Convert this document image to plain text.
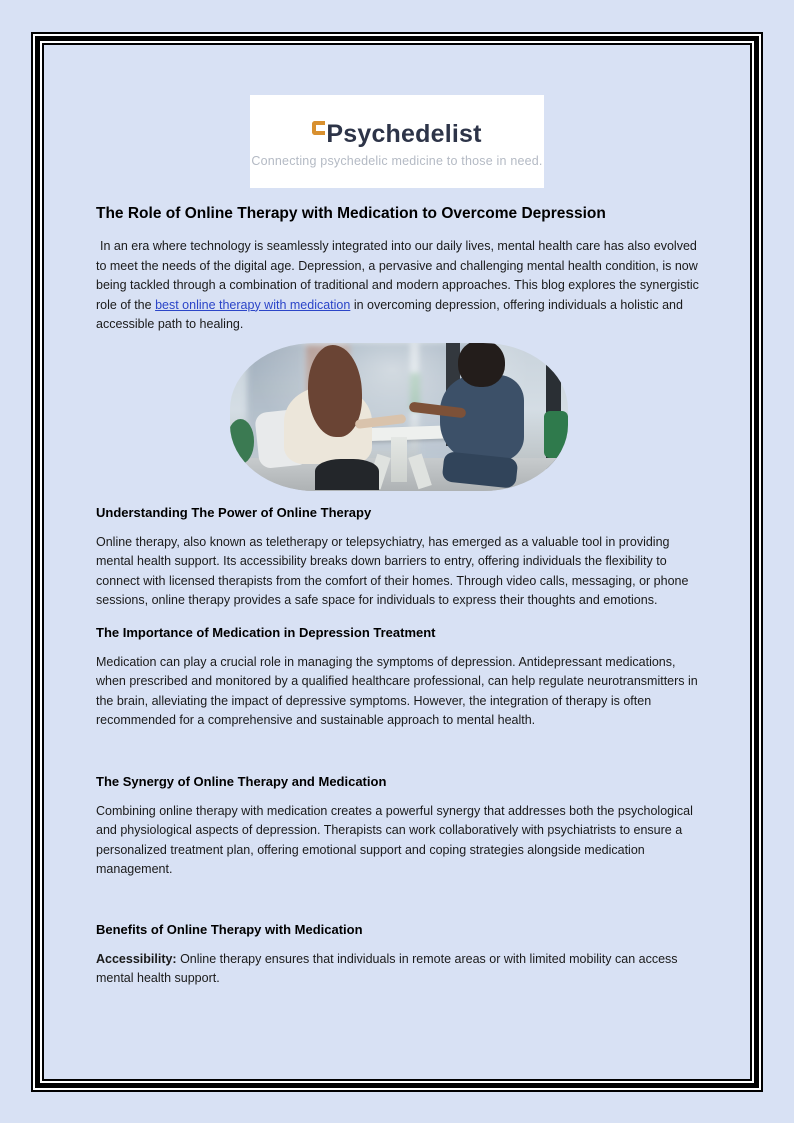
Psychedelist
Connecting psychedelic medicine to those in need.
The Role of Online Therapy with Medication to Overcome Depression

In an era where technology is seamlessly integrated into our daily lives, mental health care has also evolved to meet the needs of the digital age. Depression, a pervasive and challenging mental health condition, is now being tackled through a combination of traditional and modern approaches. This blog explores the synergistic role of the best online therapy with medication in overcoming depression, offering individuals a holistic and accessible path to healing.

Understanding The Power of Online Therapy

Online therapy, also known as teletherapy or telepsychiatry, has emerged as a valuable tool in providing mental health support. Its accessibility breaks down barriers to entry, offering individuals the flexibility to connect with licensed therapists from the comfort of their homes. Through video calls, messaging, or phone sessions, online therapy provides a safe space for individuals to express their thoughts and emotions.

The Importance of Medication in Depression Treatment

Medication can play a crucial role in managing the symptoms of depression. Antidepressant medications, when prescribed and monitored by a qualified healthcare professional, can help regulate neurotransmitters in the brain, alleviating the impact of depressive symptoms. However, the integration of therapy is often recommended for a comprehensive and sustainable approach to mental health.

The Synergy of Online Therapy and Medication

Combining online therapy with medication creates a powerful synergy that addresses both the psychological and physiological aspects of depression. Therapists can work collaboratively with psychiatrists to ensure a personalized treatment plan, offering emotional support and coping strategies alongside medication management.

Benefits of Online Therapy with Medication

Accessibility: Online therapy ensures that individuals in remote areas or with limited mobility can access mental health support.
